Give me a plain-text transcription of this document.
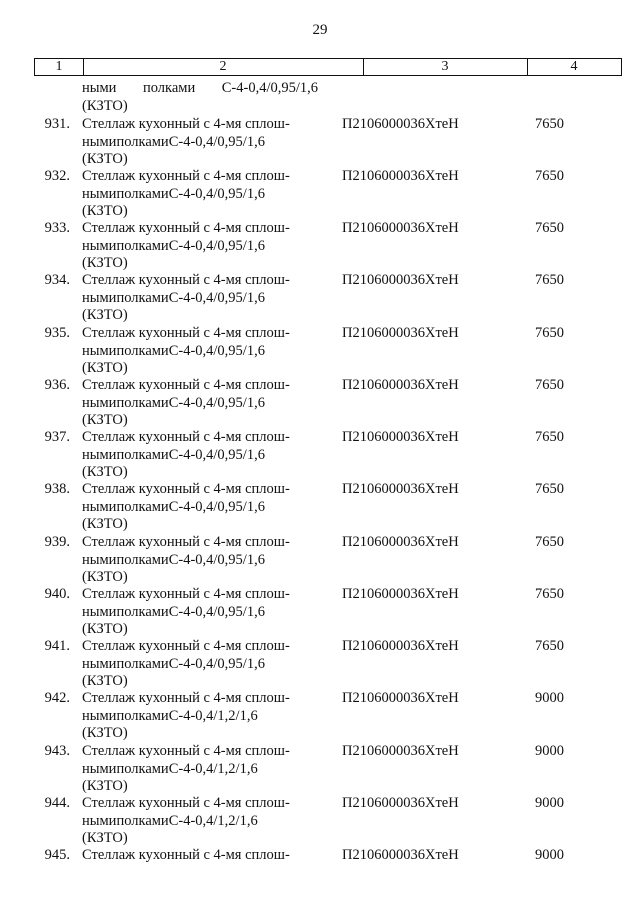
29
1	2	3	4
ными полками С-4-0,4/0,95/1,6
(КЗТО)
931. Стеллаж кухонный с 4-мя сплош-
нымиполкамиС-4-0,4/0,95/1,6
(КЗТО)
П2106000036ХтеН	7650
932. Стеллаж кухонный с 4-мя сплош-
нымиполкамиС-4-0,4/0,95/1,6
(КЗТО)
П2106000036ХтеН	7650
933. Стеллаж кухонный с 4-мя сплош-
нымиполкамиС-4-0,4/0,95/1,6
(КЗТО)
П2106000036ХтеН	7650
934. Стеллаж кухонный с 4-мя сплош-
нымиполкамиС-4-0,4/0,95/1,6
(КЗТО)
П2106000036ХтеН	7650
935. Стеллаж кухонный с 4-мя сплош-
нымиполкамиС-4-0,4/0,95/1,6
(КЗТО)
П2106000036ХтеН	7650
936. Стеллаж кухонный с 4-мя сплош-
нымиполкамиС-4-0,4/0,95/1,6
(КЗТО)
П2106000036ХтеН	7650
937. Стеллаж кухонный с 4-мя сплош-
нымиполкамиС-4-0,4/0,95/1,6
(КЗТО)
П2106000036ХтеН	7650
938. Стеллаж кухонный с 4-мя сплош-
нымиполкамиС-4-0,4/0,95/1,6
(КЗТО)
П2106000036ХтеН	7650
939. Стеллаж кухонный с 4-мя сплош-
нымиполкамиС-4-0,4/0,95/1,6
(КЗТО)
П2106000036ХтеН	7650
940. Стеллаж кухонный с 4-мя сплош-
нымиполкамиС-4-0,4/0,95/1,6
(КЗТО)
П2106000036ХтеН	7650
941. Стеллаж кухонный с 4-мя сплош-
нымиполкамиС-4-0,4/0,95/1,6
(КЗТО)
П2106000036ХтеН	7650
942. Стеллаж кухонный с 4-мя сплош-
нымиполкамиС-4-0,4/1,2/1,6
(КЗТО)
П2106000036ХтеН	9000
943. Стеллаж кухонный с 4-мя сплош-
нымиполкамиС-4-0,4/1,2/1,6
(КЗТО)
П2106000036ХтеН	9000
944. Стеллаж кухонный с 4-мя сплош-
нымиполкамиС-4-0,4/1,2/1,6
(КЗТО)
П2106000036ХтеН	9000
945. Стеллаж кухонный с 4-мя сплош-	П2106000036ХтеН	9000
